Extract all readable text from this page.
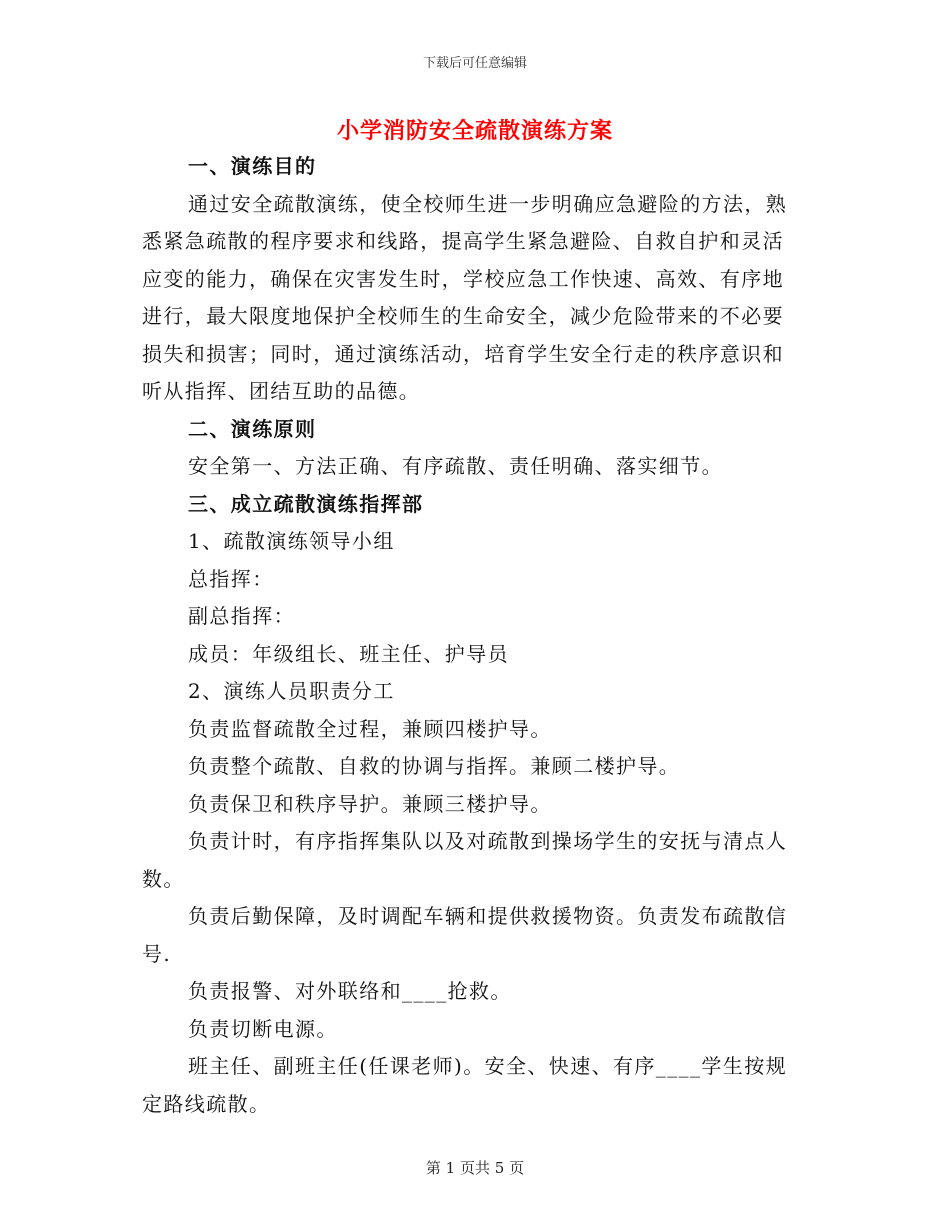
下载后可任意编辑
小学消防安全疏散演练方案

一、演练目的

通过安全疏散演练，使全校师生进一步明确应急避险的方法，熟悉紧急疏散的程序要求和线路，提高学生紧急避险、自救自护和灵活应变的能力，确保在灾害发生时，学校应急工作快速、高效、有序地进行，最大限度地保护全校师生的生命安全，减少危险带来的不必要损失和损害；同时，通过演练活动，培育学生安全行走的秩序意识和听从指挥、团结互助的品德。

二、演练原则

安全第一、方法正确、有序疏散、责任明确、落实细节。

三、成立疏散演练指挥部

1、疏散演练领导小组

总指挥：

副总指挥：

成员：年级组长、班主任、护导员

2、演练人员职责分工

负责监督疏散全过程，兼顾四楼护导。

负责整个疏散、自救的协调与指挥。兼顾二楼护导。

负责保卫和秩序导护。兼顾三楼护导。

负责计时，有序指挥集队以及对疏散到操场学生的安抚与清点人数。

负责后勤保障，及时调配车辆和提供救援物资。负责发布疏散信号.

负责报警、对外联络和____抢救。

负责切断电源。

班主任、副班主任(任课老师)。安全、快速、有序____学生按规定路线疏散。

第 1 页共 5 页
